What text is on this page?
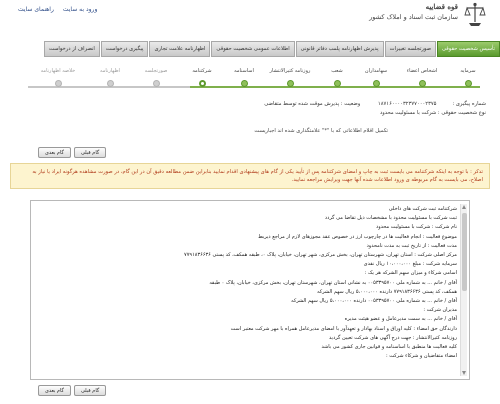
قوه قضاییه
سازمان ثبت اسناد و املاک کشور
ورود به سایت
راهنمای سایت
تأسیس شخصیت حقوقی
صورتجلسه تغییرات
پذیرش اظهارنامه پلمب دفاتر قانونی
اطلاعات عمومی شخصیت حقوقی
اظهارنامه علامت تجاری
پیگیری درخواست
انصراف از درخواست
سرمایه
اشخاص اعضاء
سهامداران
شعب
روزنامه کثیرالانتشار
اساسنامه
شرکتنامه
صورتجلسه
اظهارنامه
خلاصه اظهارنامه
شماره پیگیری :۱۸۷۱۶۰۰۰۰۳۲۳۷۷۰۰۰۲۳۷۵ وضعیت : پذیرش موقت شده توسط متقاضی
نوع شخصیت حقوقی : شرکت با مسئولیت محدود
تکمیل اقلام اطلاعاتی که با "*" علامتگذاری شده اند اجباریست
گام بعدی	گام قبلی
تذکر : با توجه به اینکه شرکتنامه می بایست ثبت به چاپ و امضای شرکتنامه پس از تأیید یکی از گام های پیشنهادی اقدام نمایید بنابراین ضمن مطالعه دقیق آن در این گام، در صورت مشاهده هرگونه ایراد یا نیاز به اصلاح، می بایست به گام مربوطه ی ورود اطلاعات شده آنها جهت ویرایش مراجعه نمایید.
شرکتنامه ثبت شرکت های داخلی
ثبت شرکت با مسئولیت محدود با مشخصات ذیل تقاضا می گردد
نام شرکت : شرکت با مسئولیت محدود
موضوع فعالیت : انجام فعالیت ها در چارچوب ارز در خصوص عقد مجوزهای لازم از مراجع ذیربط
مدت فعالیت : از تاریخ ثبت به مدت نامحدود
مرکز اصلی شرکت : استان تهران، شهرستان تهران، بخش مرکزی، شهر تهران، خیابان، پلاک ۰، طبقه همکف، کد پستی ۷۷۹۱۸۳۶۶۳۶
سرمایه شرکت : مبلغ ۱۰،۰۰۰،۰۰۰ ریال نقدی
اسامی شرکاء و میزان سهم الشرکه هر یک :
آقای / خانم ... به شماره ملی ۰۰۵۳۳۹۵۷۰۰ به نشانی استان تهران، شهرستان تهران، بخش مرکزی، خیابان، پلاک ۰ طبقه
همکف، کد پستی ۷۷۹۱۸۳۶۶۳۶ دارنده ۵،۰۰۰،۰۰۰ ریال سهم الشرکه
آقای / خانم ... به شماره ملی ۰۰۵۳۳۹۵۷۰۰ دارنده ۵،۰۰۰،۰۰۰ ریال سهم الشرکه
مدیران شرکت :
آقای / خانم ... به سمت مدیرعامل و عضو هیئت مدیره
دارندگان حق امضاء : کلیه اوراق و اسناد بهادار و تعهدآور با امضای مدیرعامل همراه با مهر شرکت معتبر است
روزنامه کثیرالانتشار : جهت درج آگهی های شرکت تعیین گردید
کلیه فعالیت ها منطبق با اساسنامه و قوانین جاری کشور می باشد
امضاء متقاضیان و شرکاء شرکت :
گام بعدی	گام قبلی
